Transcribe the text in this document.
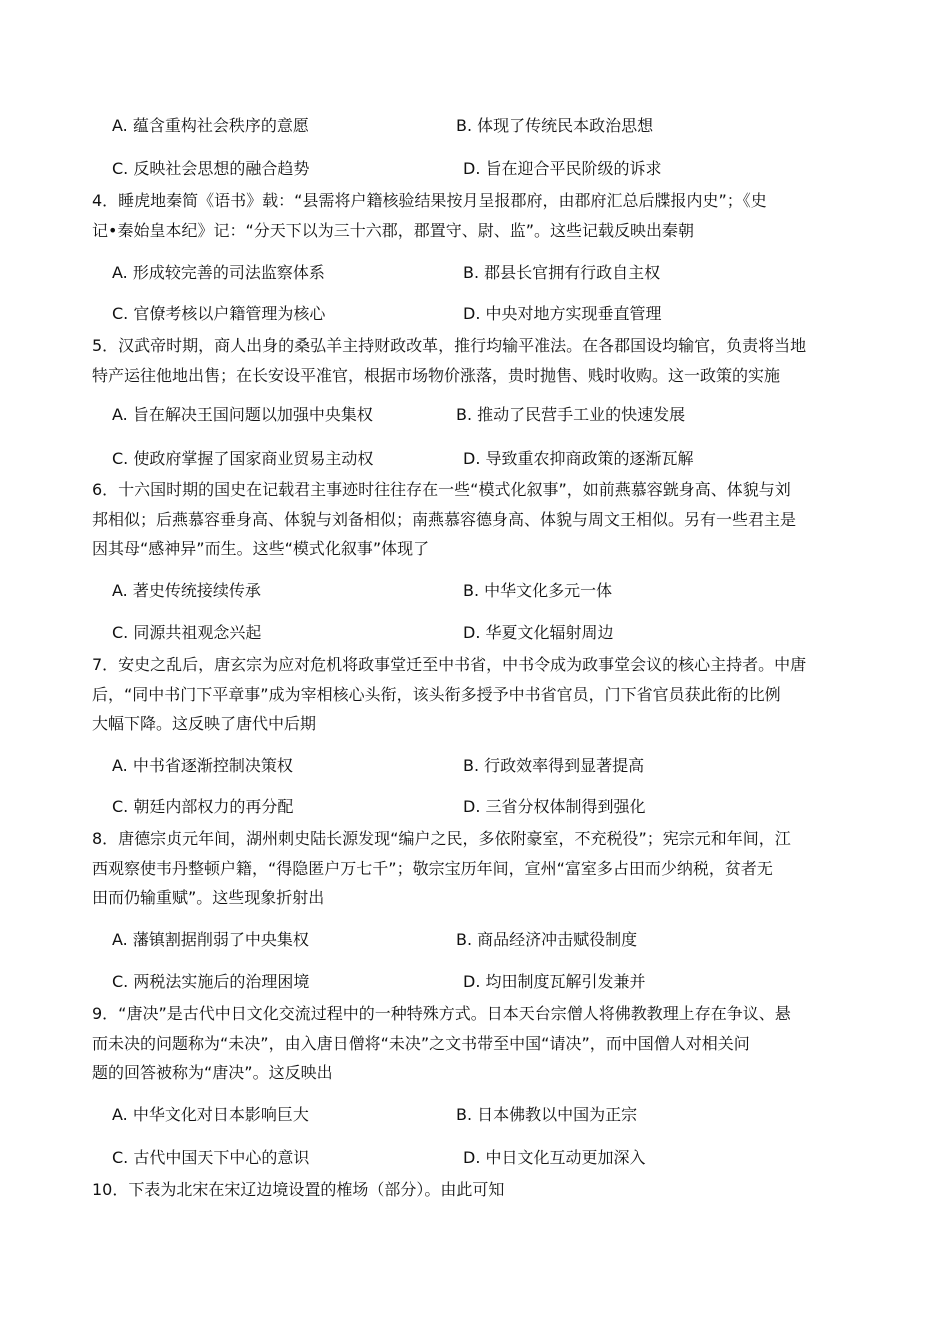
A. 蕴含重构社会秩序的意愿	B. 体现了传统民本政治思想
C. 反映社会思想的融合趋势	D. 旨在迎合平民阶级的诉求
4．睡虎地秦简《语书》载：“县需将户籍核验结果按月呈报郡府，由郡府汇总后牒报内史”；《史
记•秦始皇本纪》记：“分天下以为三十六郡，郡置守、尉、监”。这些记载反映出秦朝
A. 形成较完善的司法监察体系	B. 郡县长官拥有行政自主权
C. 官僚考核以户籍管理为核心	D. 中央对地方实现垂直管理
5．汉武帝时期，商人出身的桑弘羊主持财政改革，推行均输平准法。在各郡国设均输官，负责将当地
特产运往他地出售；在长安设平准官，根据市场物价涨落，贵时抛售、贱时收购。这一政策的实施
A. 旨在解决王国问题以加强中央集权	B. 推动了民营手工业的快速发展
C. 使政府掌握了国家商业贸易主动权	D. 导致重农抑商政策的逐渐瓦解
6．十六国时期的国史在记载君主事迹时往往存在一些“模式化叙事”，如前燕慕容皝身高、体貌与刘
邦相似；后燕慕容垂身高、体貌与刘备相似；南燕慕容德身高、体貌与周文王相似。另有一些君主是
因其母“感神异”而生。这些“模式化叙事”体现了
A. 著史传统接续传承	B. 中华文化多元一体
C. 同源共祖观念兴起	D. 华夏文化辐射周边
7．安史之乱后，唐玄宗为应对危机将政事堂迁至中书省，中书令成为政事堂会议的核心主持者。中唐
后，“同中书门下平章事”成为宰相核心头衔，该头衔多授予中书省官员，门下省官员获此衔的比例
大幅下降。这反映了唐代中后期
A. 中书省逐渐控制决策权	B. 行政效率得到显著提高
C. 朝廷内部权力的再分配	D. 三省分权体制得到强化
8．唐德宗贞元年间，湖州刺史陆长源发现“编户之民，多依附豪室，不充税役”；宪宗元和年间，江
西观察使韦丹整顿户籍，“得隐匿户万七千”；敬宗宝历年间，宣州“富室多占田而少纳税，贫者无
田而仍输重赋”。这些现象折射出
A. 藩镇割据削弱了中央集权	B. 商品经济冲击赋役制度
C. 两税法实施后的治理困境	D. 均田制度瓦解引发兼并
9．“唐决”是古代中日文化交流过程中的一种特殊方式。日本天台宗僧人将佛教教理上存在争议、悬
而未决的问题称为“未决”，由入唐日僧将“未决”之文书带至中国“请决”，而中国僧人对相关问
题的回答被称为“唐决”。这反映出
A. 中华文化对日本影响巨大	B. 日本佛教以中国为正宗
C. 古代中国天下中心的意识	D. 中日文化互动更加深入
10．下表为北宋在宋辽边境设置的榷场（部分）。由此可知
